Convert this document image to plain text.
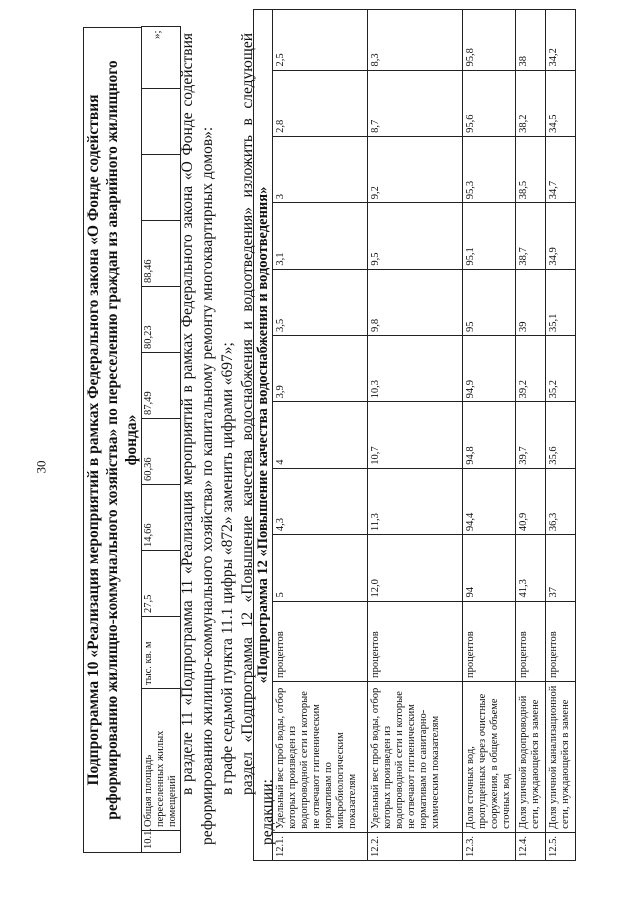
30 Подпрограмма 10 «Реализация мероприятий в рамках Федерального закона «О Фонде содействия реформированию жилищно-коммунального хозяйства» по переселению граждан из аварийного жилищного фонда»
10.1.	Общая площадь переселенных жилых помещений	тыс. кв. м	27,5	14,66	60,36	87,49	80,23	88,46			
»; в разделе 11 «Подпрограмма 11 «Реализация мероприятий в рамках Федерального закона «О Фонде содействия реформированию жилищно-коммунального хозяйства» по капитальному ремонту многоквартирных домов»: в графе седьмой пункта 11.1 цифры «872» заменить цифрами «697»; раздел «Подпрограмма 12 «Повышение качества водоснабжения и водоотведения» изложить в следующей редакции:

«Подпрограмма 12 «Повышение качества водоснабжения и водоотведения»											
12.1.	Удельный вес проб воды, отбор которых произведен из водопроводной сети и которые не отвечают гигиеническим нормативам по микробиологическим показателям	процентов	5	4,3	4	3,9	3,5	3,1	3	2,8	2,5
12.2.	Удельный вес проб воды, отбор которых произведен из водопроводной сети и которые не отвечают гигиеническим нормативам по санитарно-химическим показателям	процентов	12,0	11,3	10,7	10,3	9,8	9,5	9,2	8,7	8,3
12.3.	Доля сточных вод, пропущенных через очистные сооружения, в общем объеме сточных вод	процентов	94	94,4	94,8	94,9	95	95,1	95,3	95,6	95,8
12.4.	Доля уличной водопроводной сети, нуждающейся в замене	процентов	41,3	40,9	39,7	39,2	39	38,7	38,5	38,2	38
12.5.	Доля уличной канализационной сети, нуждающейся в замене	процентов	37	36,3	35,6	35,2	35,1	34,9	34,7	34,5	34,2
